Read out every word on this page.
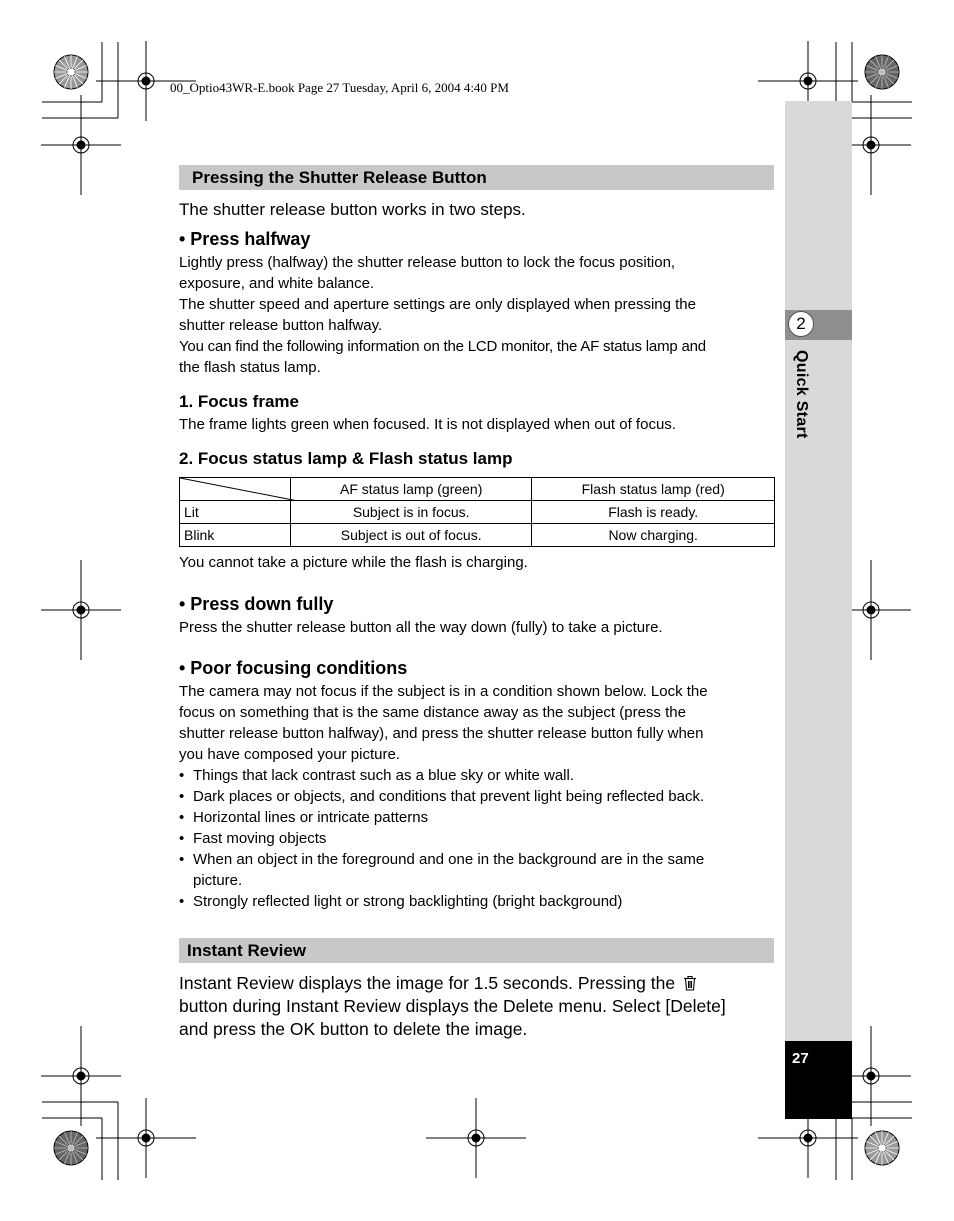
00_Optio43WR-E.book Page 27 Tuesday, April 6, 2004 4:40 PM
2
Quick Start
27
Pressing the Shutter Release Button
The shutter release button works in two steps.
• Press halfway
Lightly press (halfway) the shutter release button to lock the focus position,
exposure, and white balance.
The shutter speed and aperture settings are only displayed when pressing the
shutter release button halfway.
You can find the following information on the LCD monitor, the AF status lamp and
the flash status lamp.
1. Focus frame
The frame lights green when focused. It is not displayed when out of focus.
2. Focus status lamp & Flash status lamp
	AF status lamp (green)	Flash status lamp (red)
Lit	Subject is in focus.	Flash is ready.
Blink	Subject is out of focus.	Now charging.
You cannot take a picture while the flash is charging.
• Press down fully
Press the shutter release button all the way down (fully) to take a picture.
• Poor focusing conditions
The camera may not focus if the subject is in a condition shown below. Lock the
focus on something that is the same distance away as the subject (press the
shutter release button halfway), and press the shutter release button fully when
you have composed your picture.
• Things that lack contrast such as a blue sky or white wall.
• Dark places or objects, and conditions that prevent light being reflected back.
• Horizontal lines or intricate patterns
• Fast moving objects
• When an object in the foreground and one in the background are in the same
picture.
• Strongly reflected light or strong backlighting (bright background)
Instant Review
Instant Review displays the image for 1.5 seconds. Pressing the
button during Instant Review displays the Delete menu. Select [Delete]
and press the OK button to delete the image.
